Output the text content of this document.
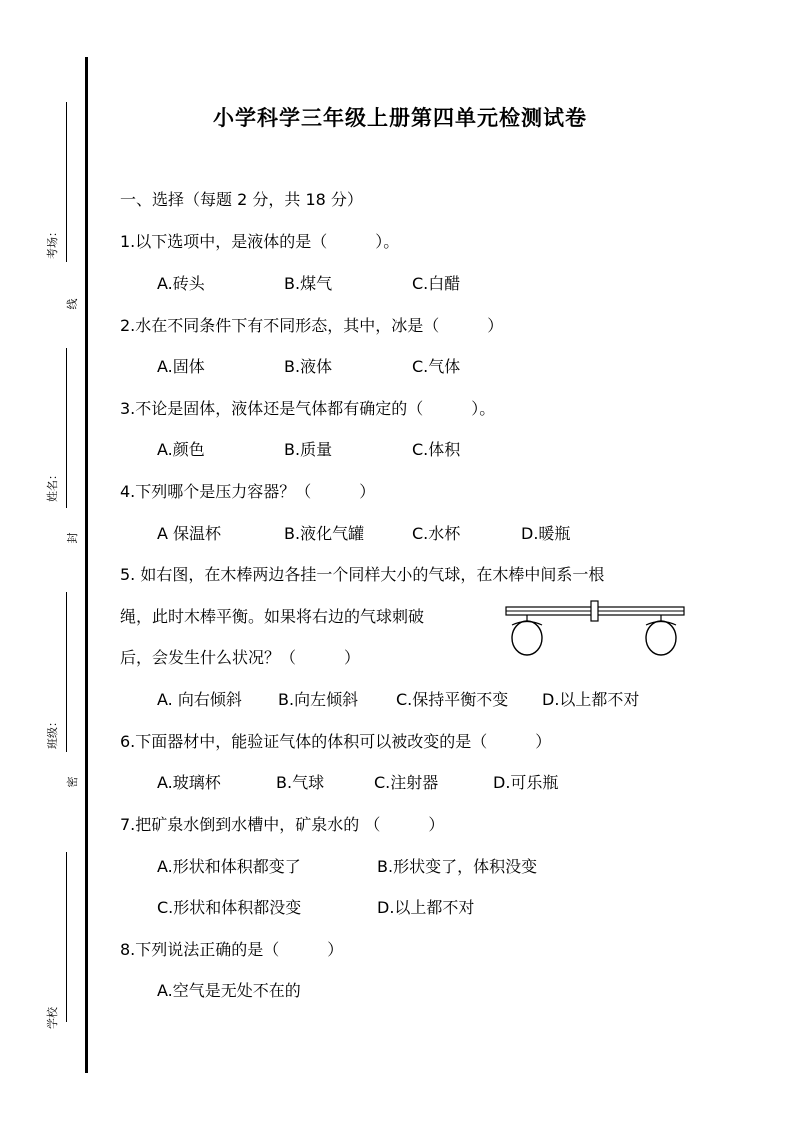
考场：
姓名：
班级：
学校
线
封
密
小学科学三年级上册第四单元检测试卷
一、选择（每题 2 分，共 18 分）
1.以下选项中，是液体的是（　　　）。
A.砖头	B.煤气	C.白醋
2.水在不同条件下有不同形态，其中，冰是（　　　）
A.固体	B.液体	C.气体
3.不论是固体，液体还是气体都有确定的（　　　）。
A.颜色	B.质量	C.体积
4.下列哪个是压力容器？（　　　）
A 保温杯	B.液化气罐	C.水杯	D.暖瓶
5. 如右图，在木棒两边各挂一个同样大小的气球，在木棒中间系一根
绳，此时木棒平衡。如果将右边的气球刺破
后，会发生什么状况？（　　　）
A. 向右倾斜 B.向左倾斜 C.保持平衡不变 D.以上都不对
6.下面器材中，能验证气体的体积可以被改变的是（　　　）
A.玻璃杯	B.气球	C.注射器	D.可乐瓶
7.把矿泉水倒到水槽中，矿泉水的 （　　　）
A.形状和体积都变了	B.形状变了，体积没变
C.形状和体积都没变	D.以上都不对
8.下列说法正确的是（　　　）
A.空气是无处不在的
